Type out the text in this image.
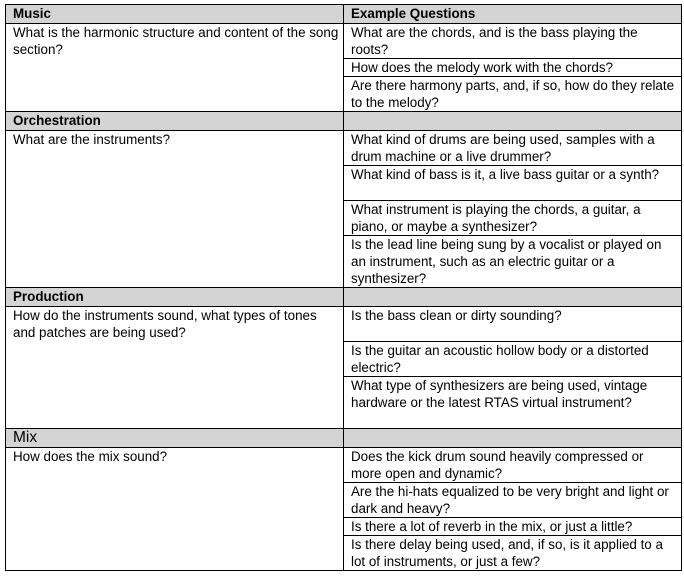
Music	Example Questions
What is the harmonic structure and content of the song section?	What are the chords, and is the bass playing the roots?
	How does the melody work with the chords?
	Are there harmony parts, and, if so, how do they relate to the melody?
Orchestration	
What are the instruments?	What kind of drums are being used, samples with a drum machine or a live drummer?
	What kind of bass is it, a live bass guitar or a synth?
	What instrument is playing the chords, a guitar, a piano, or maybe a synthesizer?
	Is the lead line being sung by a vocalist or played on an instrument, such as an electric guitar or a synthesizer?
Production	
How do the instruments sound, what types of tones and patches are being used?	Is the bass clean or dirty sounding?
	Is the guitar an acoustic hollow body or a distorted electric?
	What type of synthesizers are being used, vintage hardware or the latest RTAS virtual instrument?
Mix	
How does the mix sound?	Does the kick drum sound heavily compressed or more open and dynamic?
	Are the hi-hats equalized to be very bright and light or dark and heavy?
	Is there a lot of reverb in the mix, or just a little?
	Is there delay being used, and, if so, is it applied to a lot of instruments, or just a few?
